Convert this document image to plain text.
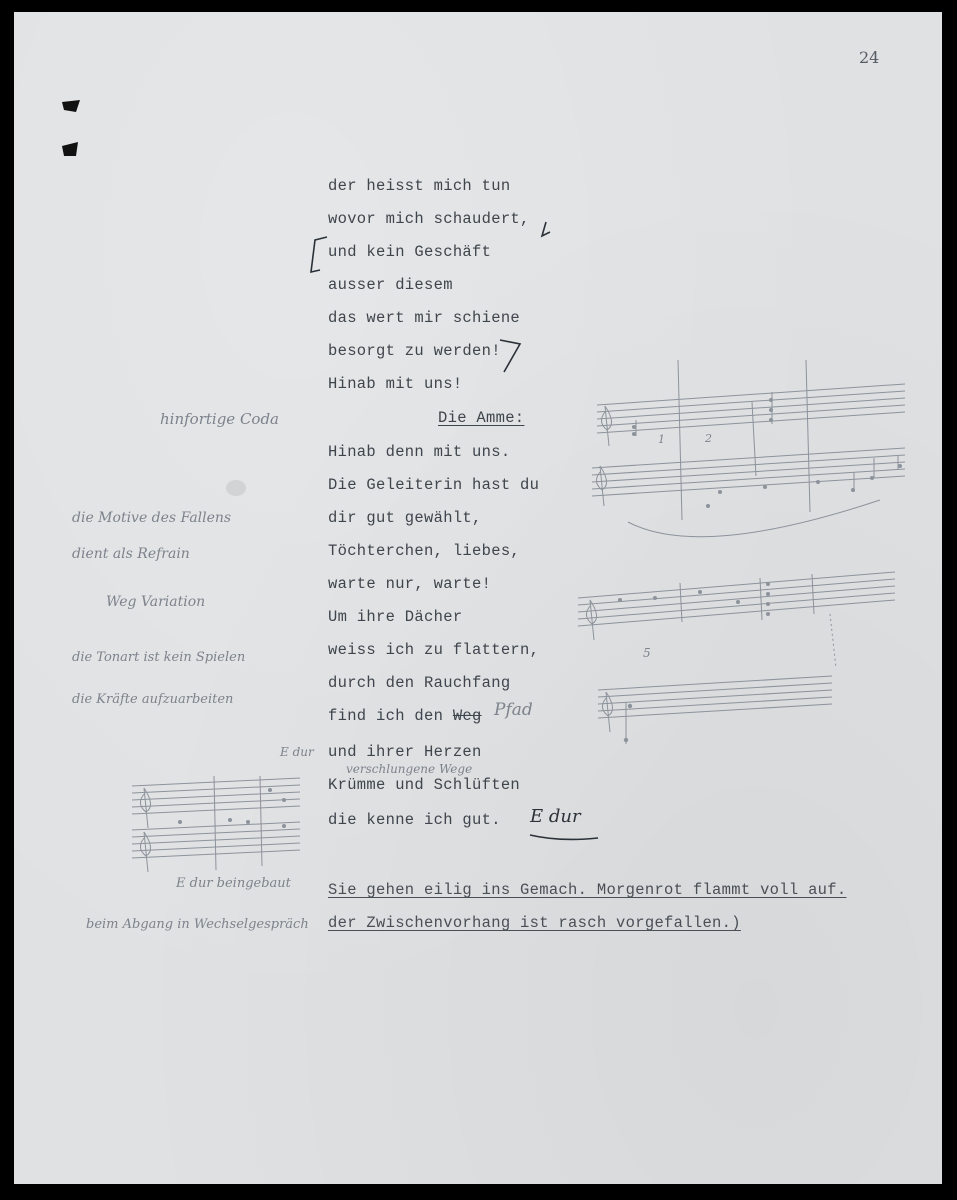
24
der heisst mich tun
wovor mich schaudert,
und kein Geschäft
ausser diesem
das wert mir schiene
besorgt zu werden!
Hinab mit uns!
Die Amme:
Hinab denn mit uns.
Die Geleiterin hast du
dir gut gewählt,
Töchterchen, liebes,
warte nur, warte!
Um ihre Dächer
weiss ich zu flattern,
durch den Rauchfang
find ich den Weg
und ihrer Herzen
Krümme und Schlüften
die kenne ich gut.
Sie gehen eilig ins Gemach. Morgenrot flammt voll auf.
der Zwischenvorhang ist rasch vorgefallen.)
Pfad
verschlungene Wege
E dur
hinfortige Coda
die Motive des Fallens
dient als Refrain
Weg Variation
die Tonart ist kein Spielen
die Kräfte aufzuarbeiten
E dur
E dur beingebaut
beim Abgang in Wechselgespräch
1	2
5
